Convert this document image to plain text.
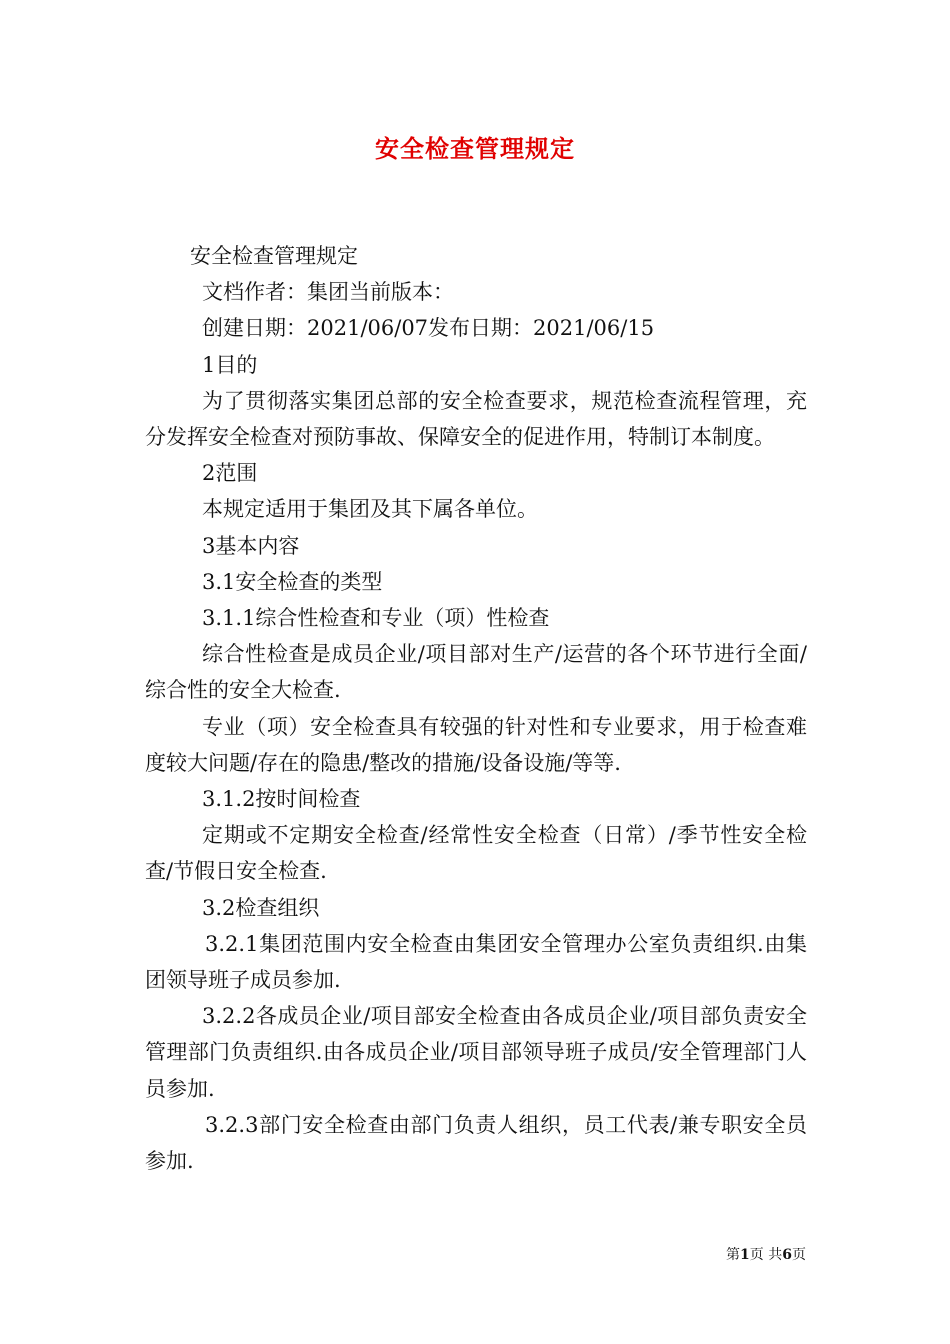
安全检查管理规定

安全检查管理规定

文档作者：集团当前版本：

创建日期：2021/06/07发布日期：2021/06/15

1目的

为了贯彻落实集团总部的安全检查要求，规范检查流程管理，充分发挥安全检查对预防事故、保障安全的促进作用，特制订本制度。

2范围

本规定适用于集团及其下属各单位。

3基本内容

3.1安全检查的类型

3.1.1综合性检查和专业（项）性检查

综合性检查是成员企业/项目部对生产/运营的各个环节进行全面/综合性的安全大检查.

专业（项）安全检查具有较强的针对性和专业要求，用于检查难度较大问题/存在的隐患/整改的措施/设备设施/等等.

3.1.2按时间检查

定期或不定期安全检查/经常性安全检查（日常）/季节性安全检查/节假日安全检查.

3.2检查组织

3.2.1集团范围内安全检查由集团安全管理办公室负责组织.由集团领导班子成员参加.

3.2.2各成员企业/项目部安全检查由各成员企业/项目部负责安全管理部门负责组织.由各成员企业/项目部领导班子成员/安全管理部门人员参加.

3.2.3部门安全检查由部门负责人组织，员工代表/兼专职安全员参加.

第1页 共6页
